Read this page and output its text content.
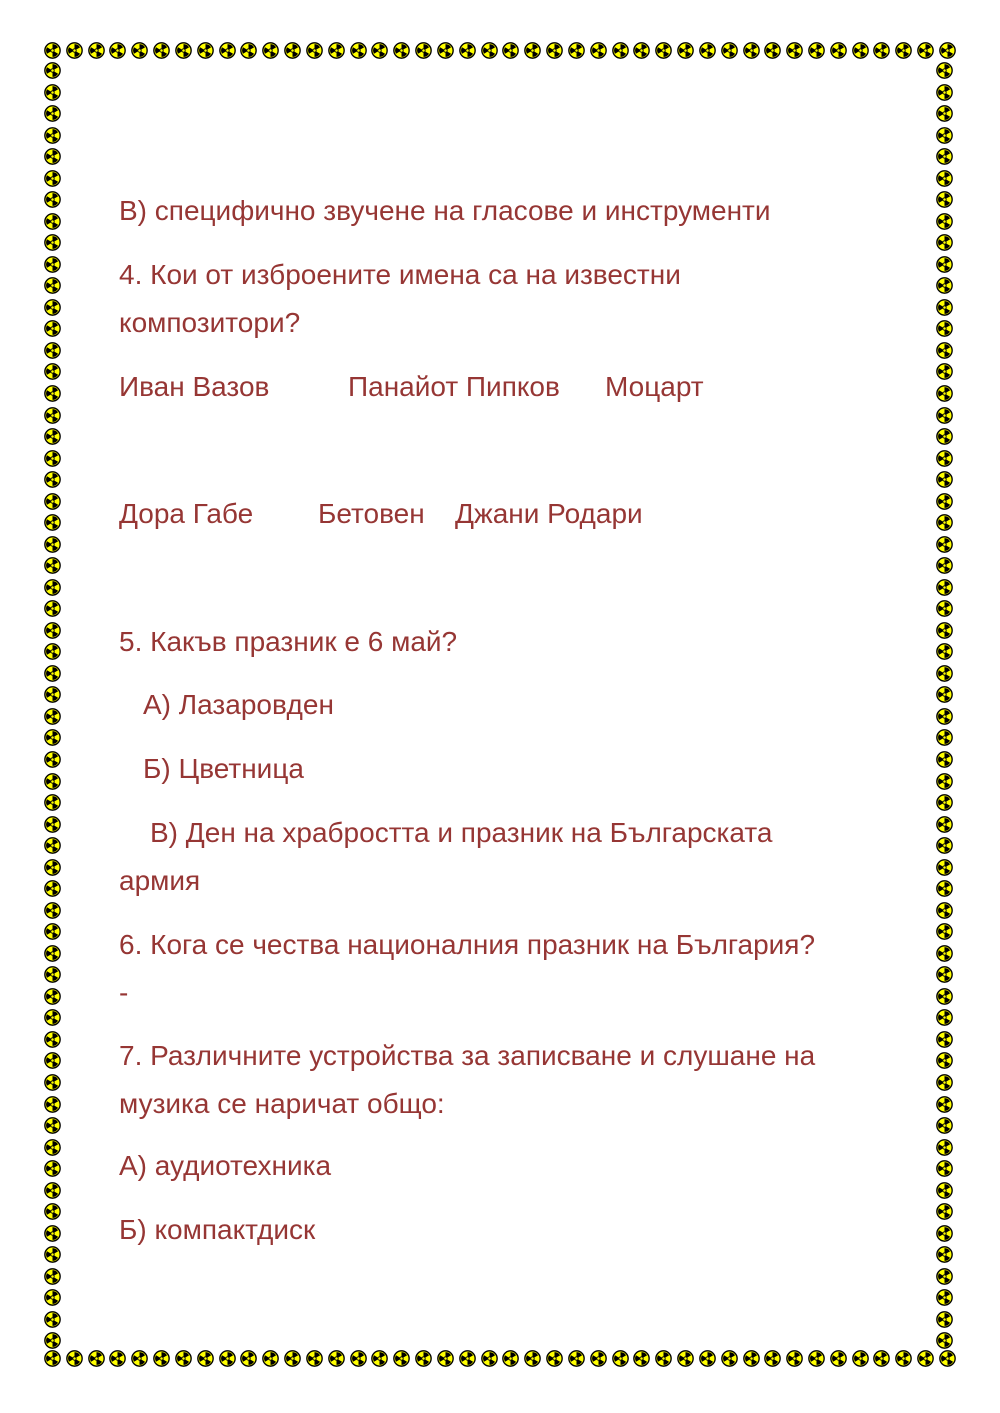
В) специфично звучене на гласове и инструменти
4. Кои от изброените имена са на известни
композитори?
Иван Вазов	Панайот Пипков Моцарт
Дора Габе Бетовен Джани Родари
5. Какъв празник е 6 май?
А) Лазаровден
Б) Цветница
В) Ден на храбростта и празник на Българската
армия
6. Кога се чества националния празник на България?
-
7. Различните устройства за записване и слушане на
музика се наричат общо:
А) аудиотехника
Б) компактдиск
